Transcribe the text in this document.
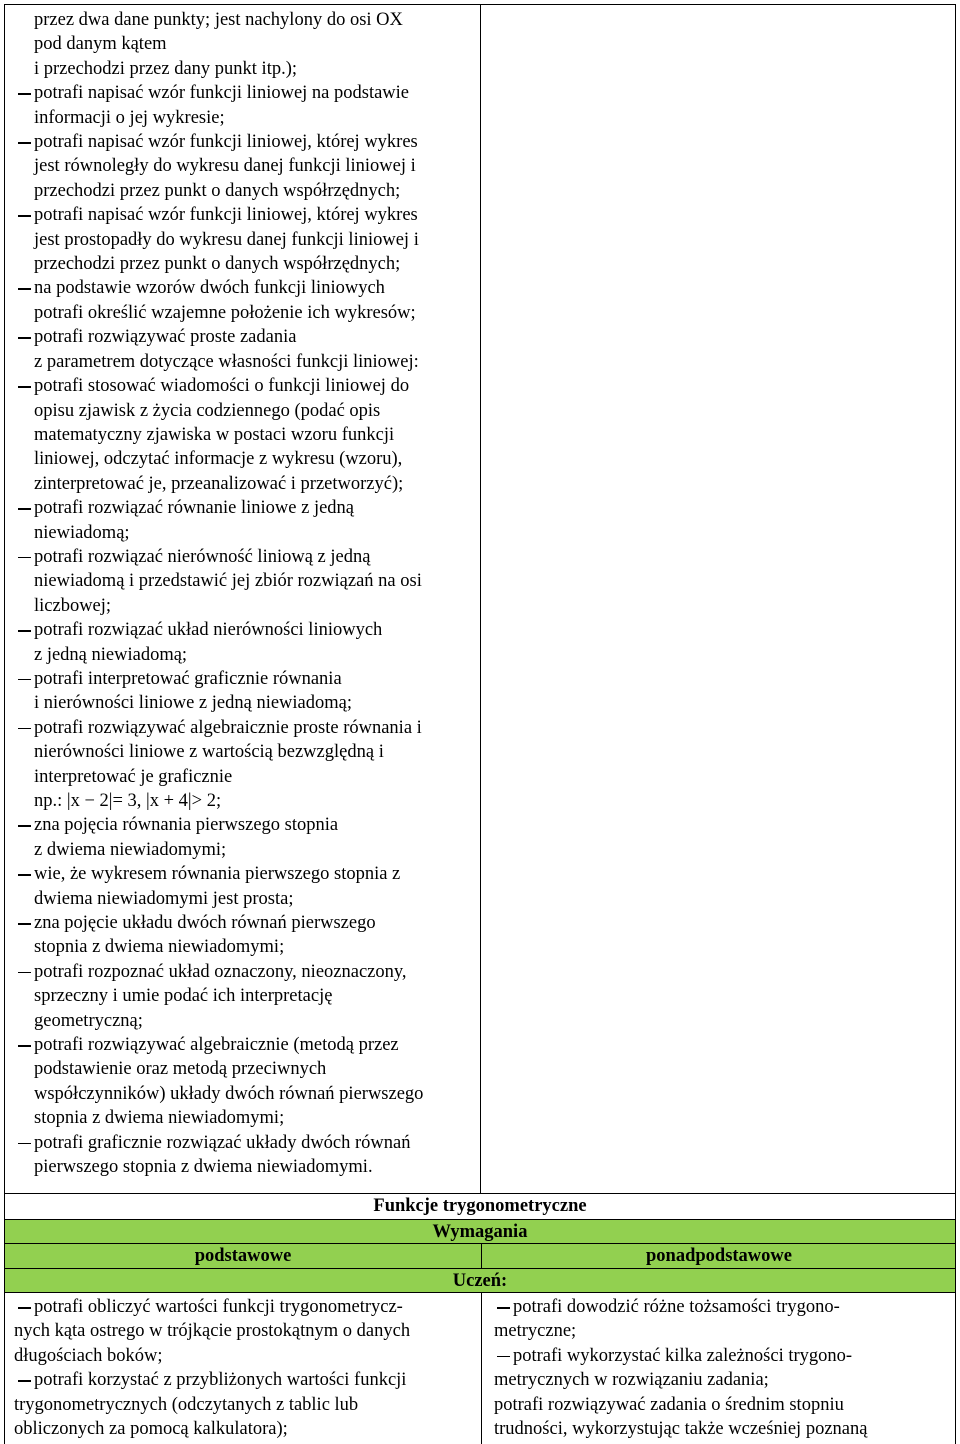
przez dwa dane punkty; jest nachylony do osi OX
pod danym kątem
i przechodzi przez dany punkt itp.);
potrafi napisać wzór funkcji liniowej na podstawie
informacji o jej wykresie;
potrafi napisać wzór funkcji liniowej, której wykres
jest równoległy do wykresu danej funkcji liniowej i
przechodzi przez punkt o danych współrzędnych;
potrafi napisać wzór funkcji liniowej, której wykres
jest prostopadły do wykresu danej funkcji liniowej i
przechodzi przez punkt o danych współrzędnych;
na podstawie wzorów dwóch funkcji liniowych
potrafi określić wzajemne położenie ich wykresów;
potrafi rozwiązywać proste zadania
z parametrem dotyczące własności funkcji liniowej:
potrafi stosować wiadomości o funkcji liniowej do
opisu zjawisk z życia codziennego (podać opis
matematyczny zjawiska w postaci wzoru funkcji
liniowej, odczytać informacje z wykresu (wzoru),
zinterpretować je, przeanalizować i przetworzyć);
potrafi rozwiązać równanie liniowe z jedną
niewiadomą;
potrafi rozwiązać nierówność liniową z jedną
niewiadomą i przedstawić jej zbiór rozwiązań na osi
liczbowej;
potrafi rozwiązać układ nierówności liniowych
z jedną niewiadomą;
potrafi interpretować graficznie równania
i nierówności liniowe z jedną niewiadomą;
potrafi rozwiązywać algebraicznie proste równania i
nierówności liniowe z wartością bezwzględną i
interpretować je graficznie
np.: |x − 2|= 3, |x + 4|> 2;
zna pojęcia równania pierwszego stopnia
z dwiema niewiadomymi;
wie, że wykresem równania pierwszego stopnia z
dwiema niewiadomymi jest prosta;
zna pojęcie układu dwóch równań pierwszego
stopnia z dwiema niewiadomymi;
potrafi rozpoznać układ oznaczony, nieoznaczony,
sprzeczny i umie podać ich interpretację
geometryczną;
potrafi rozwiązywać algebraicznie (metodą przez
podstawienie oraz metodą przeciwnych
współczynników) układy dwóch równań pierwszego
stopnia z dwiema niewiadomymi;
potrafi graficznie rozwiązać układy dwóch równań
pierwszego stopnia z dwiema niewiadomymi.
Funkcje trygonometryczne
Wymagania
podstawowe	ponadpodstawowe
Uczeń:
potrafi obliczyć wartości funkcji trygonometrycz-
nych kąta ostrego w trójkącie prostokątnym o danych
długościach boków;
potrafi korzystać z przybliżonych wartości funkcji
trygonometrycznych (odczytanych z tablic lub
obliczonych za pomocą kalkulatora);
potrafi dowodzić różne tożsamości trygono-
metryczne;
potrafi wykorzystać kilka zależności trygono-
metrycznych w rozwiązaniu zadania;
potrafi rozwiązywać zadania o średnim stopniu
trudności, wykorzystując także wcześniej poznaną
